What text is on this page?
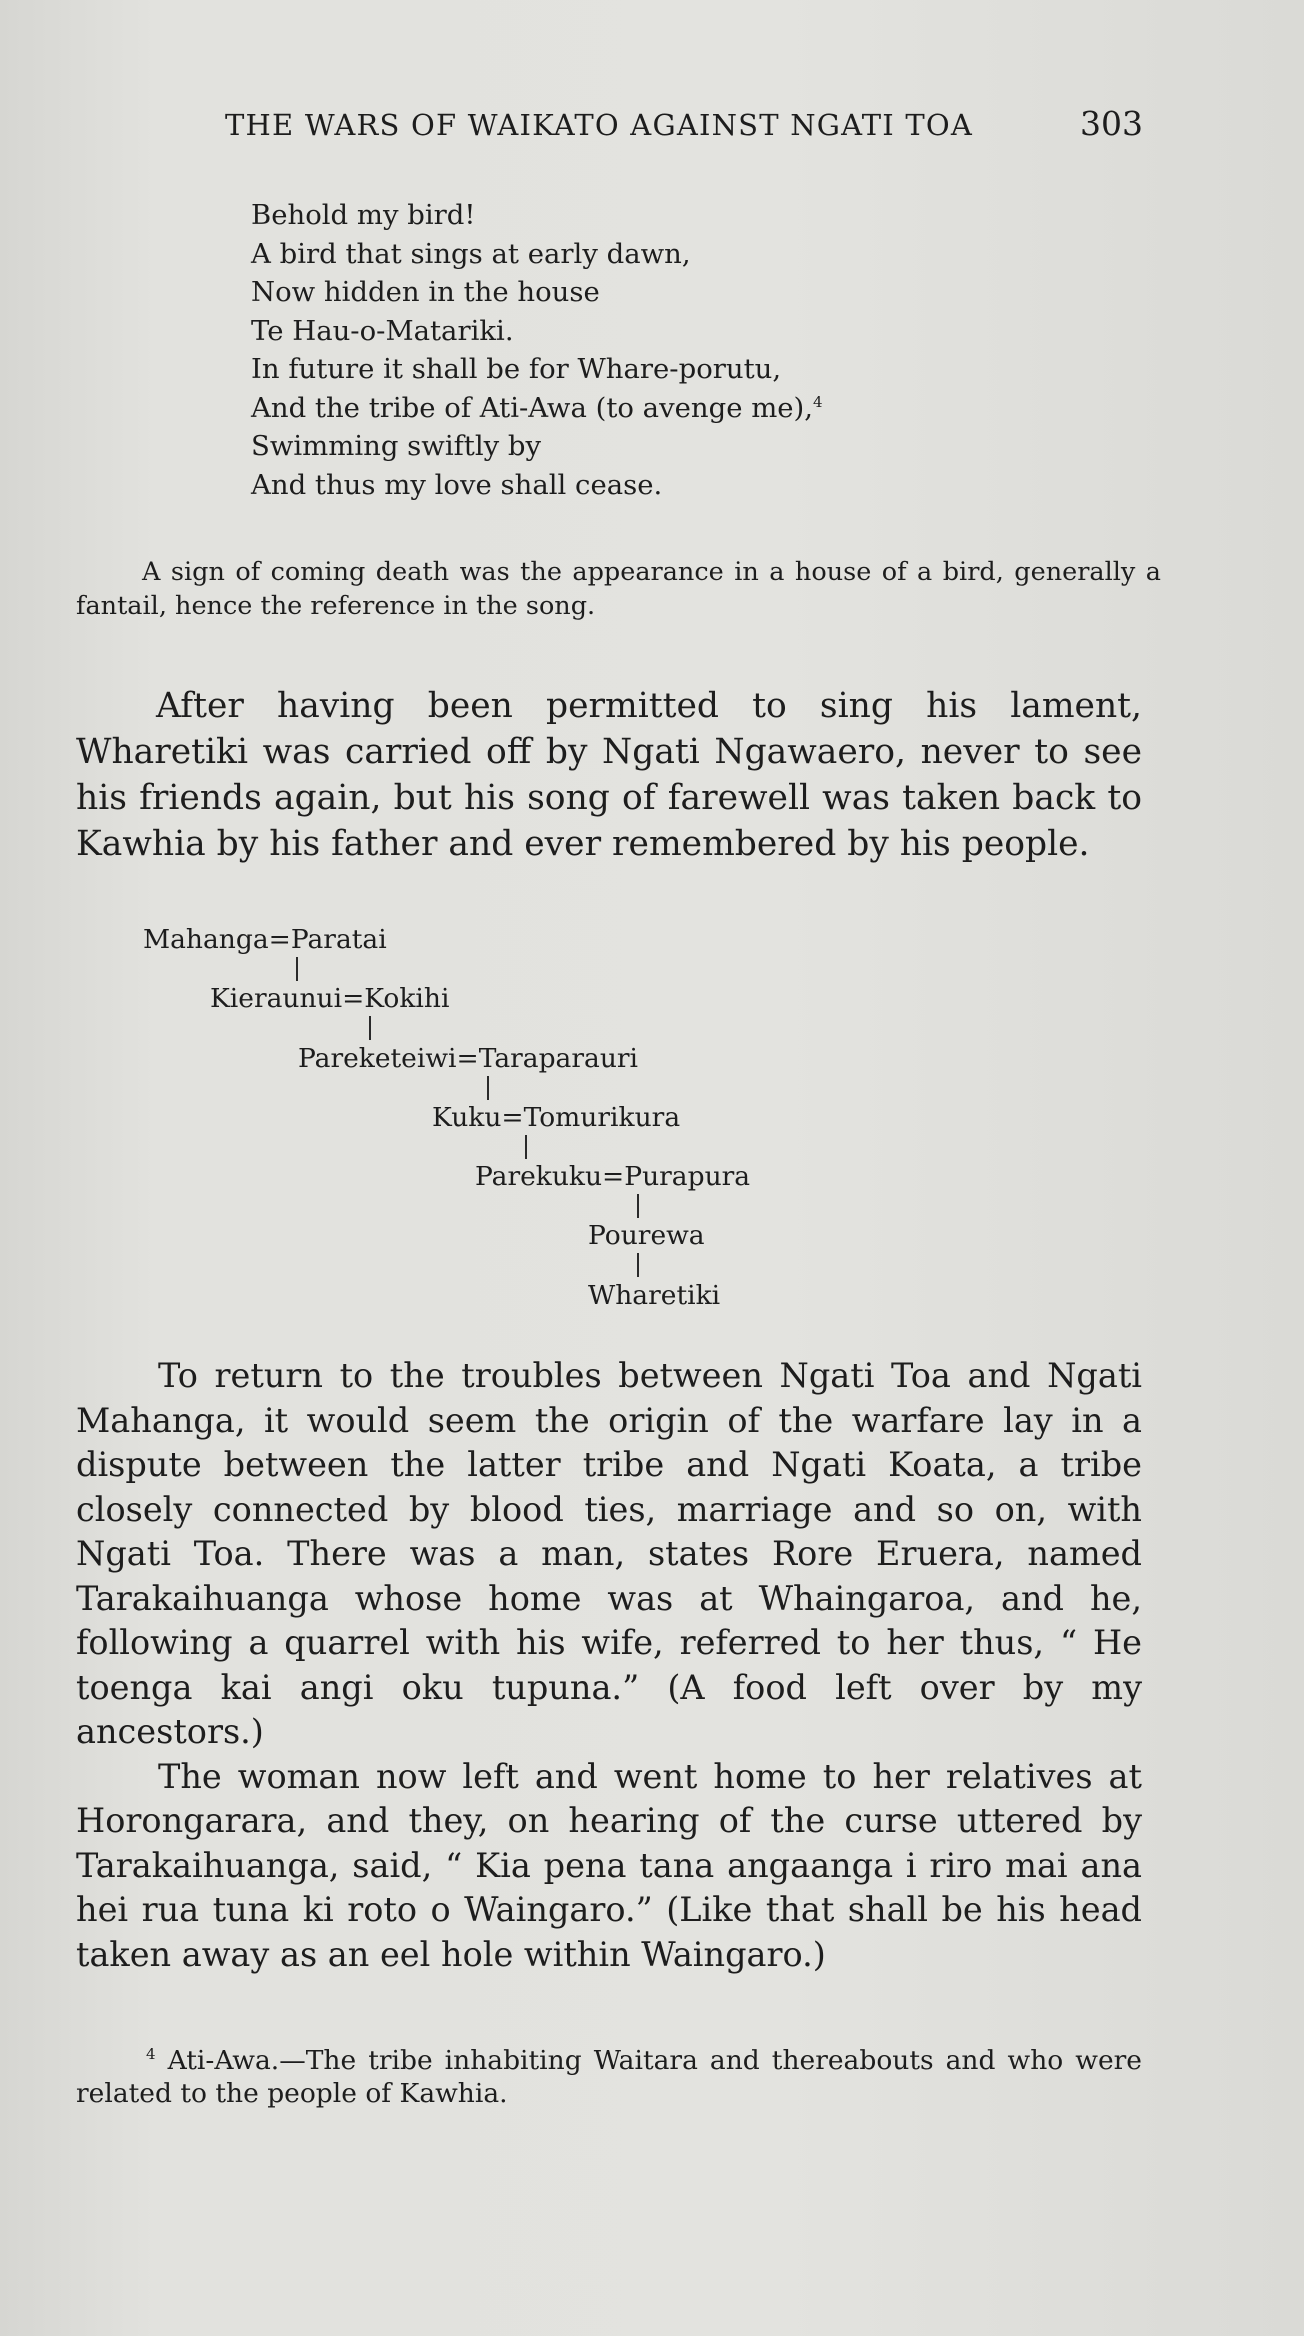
THE WARS OF WAIKATO AGAINST NGATI TOA	303
Behold my bird!
A bird that sings at early dawn,
Now hidden in the house
Te Hau-o-Matariki.
In future it shall be for Whare-porutu,
And the tribe of Ati-Awa (to avenge me),$^4$
Swimming swiftly by
And thus my love shall cease.
A sign of coming death was the appearance in a house of a bird, generally a fantail, hence the reference in the song.
After having been permitted to sing his lament, Wharetiki was carried off by Ngati Ngawaero, never to see his friends again, but his song of farewell was taken back to Kawhia by his father and ever remembered by his people.
Mahanga=Paratai
Kieraunui=Kokihi
Pareketeiwi=Taraparauri
Kuku=Tomurikura
Parekuku=Purapura
Pourewa
Wharetiki

To return to the troubles between Ngati Toa and Ngati Mahanga, it would seem the origin of the warfare lay in a dispute between the latter tribe and Ngati Koata, a tribe closely connected by blood ties, marriage and so on, with Ngati Toa. There was a man, states Rore Eruera, named Tarakaihuanga whose home was at Whaingaroa, and he, following a quarrel with his wife, referred to her thus, “ He toenga kai angi oku tupuna.” (A food left over by my ancestors.)

The woman now left and went home to her relatives at Horongarara, and they, on hearing of the curse uttered by Tarakaihuanga, said, “ Kia pena tana angaanga i riro mai ana hei rua tuna ki roto o Waingaro.” (Like that shall be his head taken away as an eel hole within Waingaro.)

$^4$ Ati-Awa.—The tribe inhabiting Waitara and thereabouts and who were related to the people of Kawhia.
